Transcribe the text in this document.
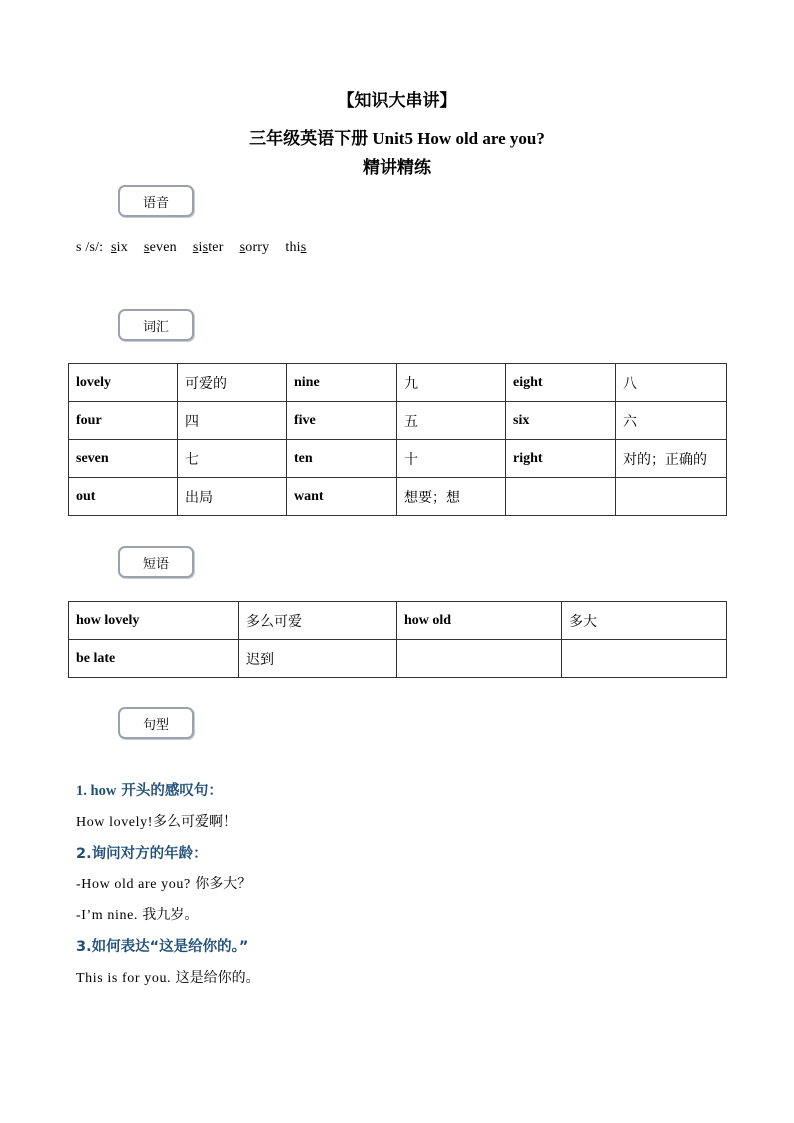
【知识大串讲】
三年级英语下册 Unit5 How old are you?
精讲精练
语音
s /s/: six seven sister sorry this
词汇
lovely	可爱的	nine	九	eight	八
four	四	five	五	six	六
seven	七	ten	十	right	对的；正确的
out	出局	want	想要；想		
短语
how lovely	多么可爱	how old	多大
be late	迟到		
句型
1. how 开头的感叹句：
How lovely!多么可爱啊！
2.询问对方的年龄：
-How old are you? 你多大？
-I’m nine. 我九岁。
3.如何表达“这是给你的。”
This is for you. 这是给你的。
